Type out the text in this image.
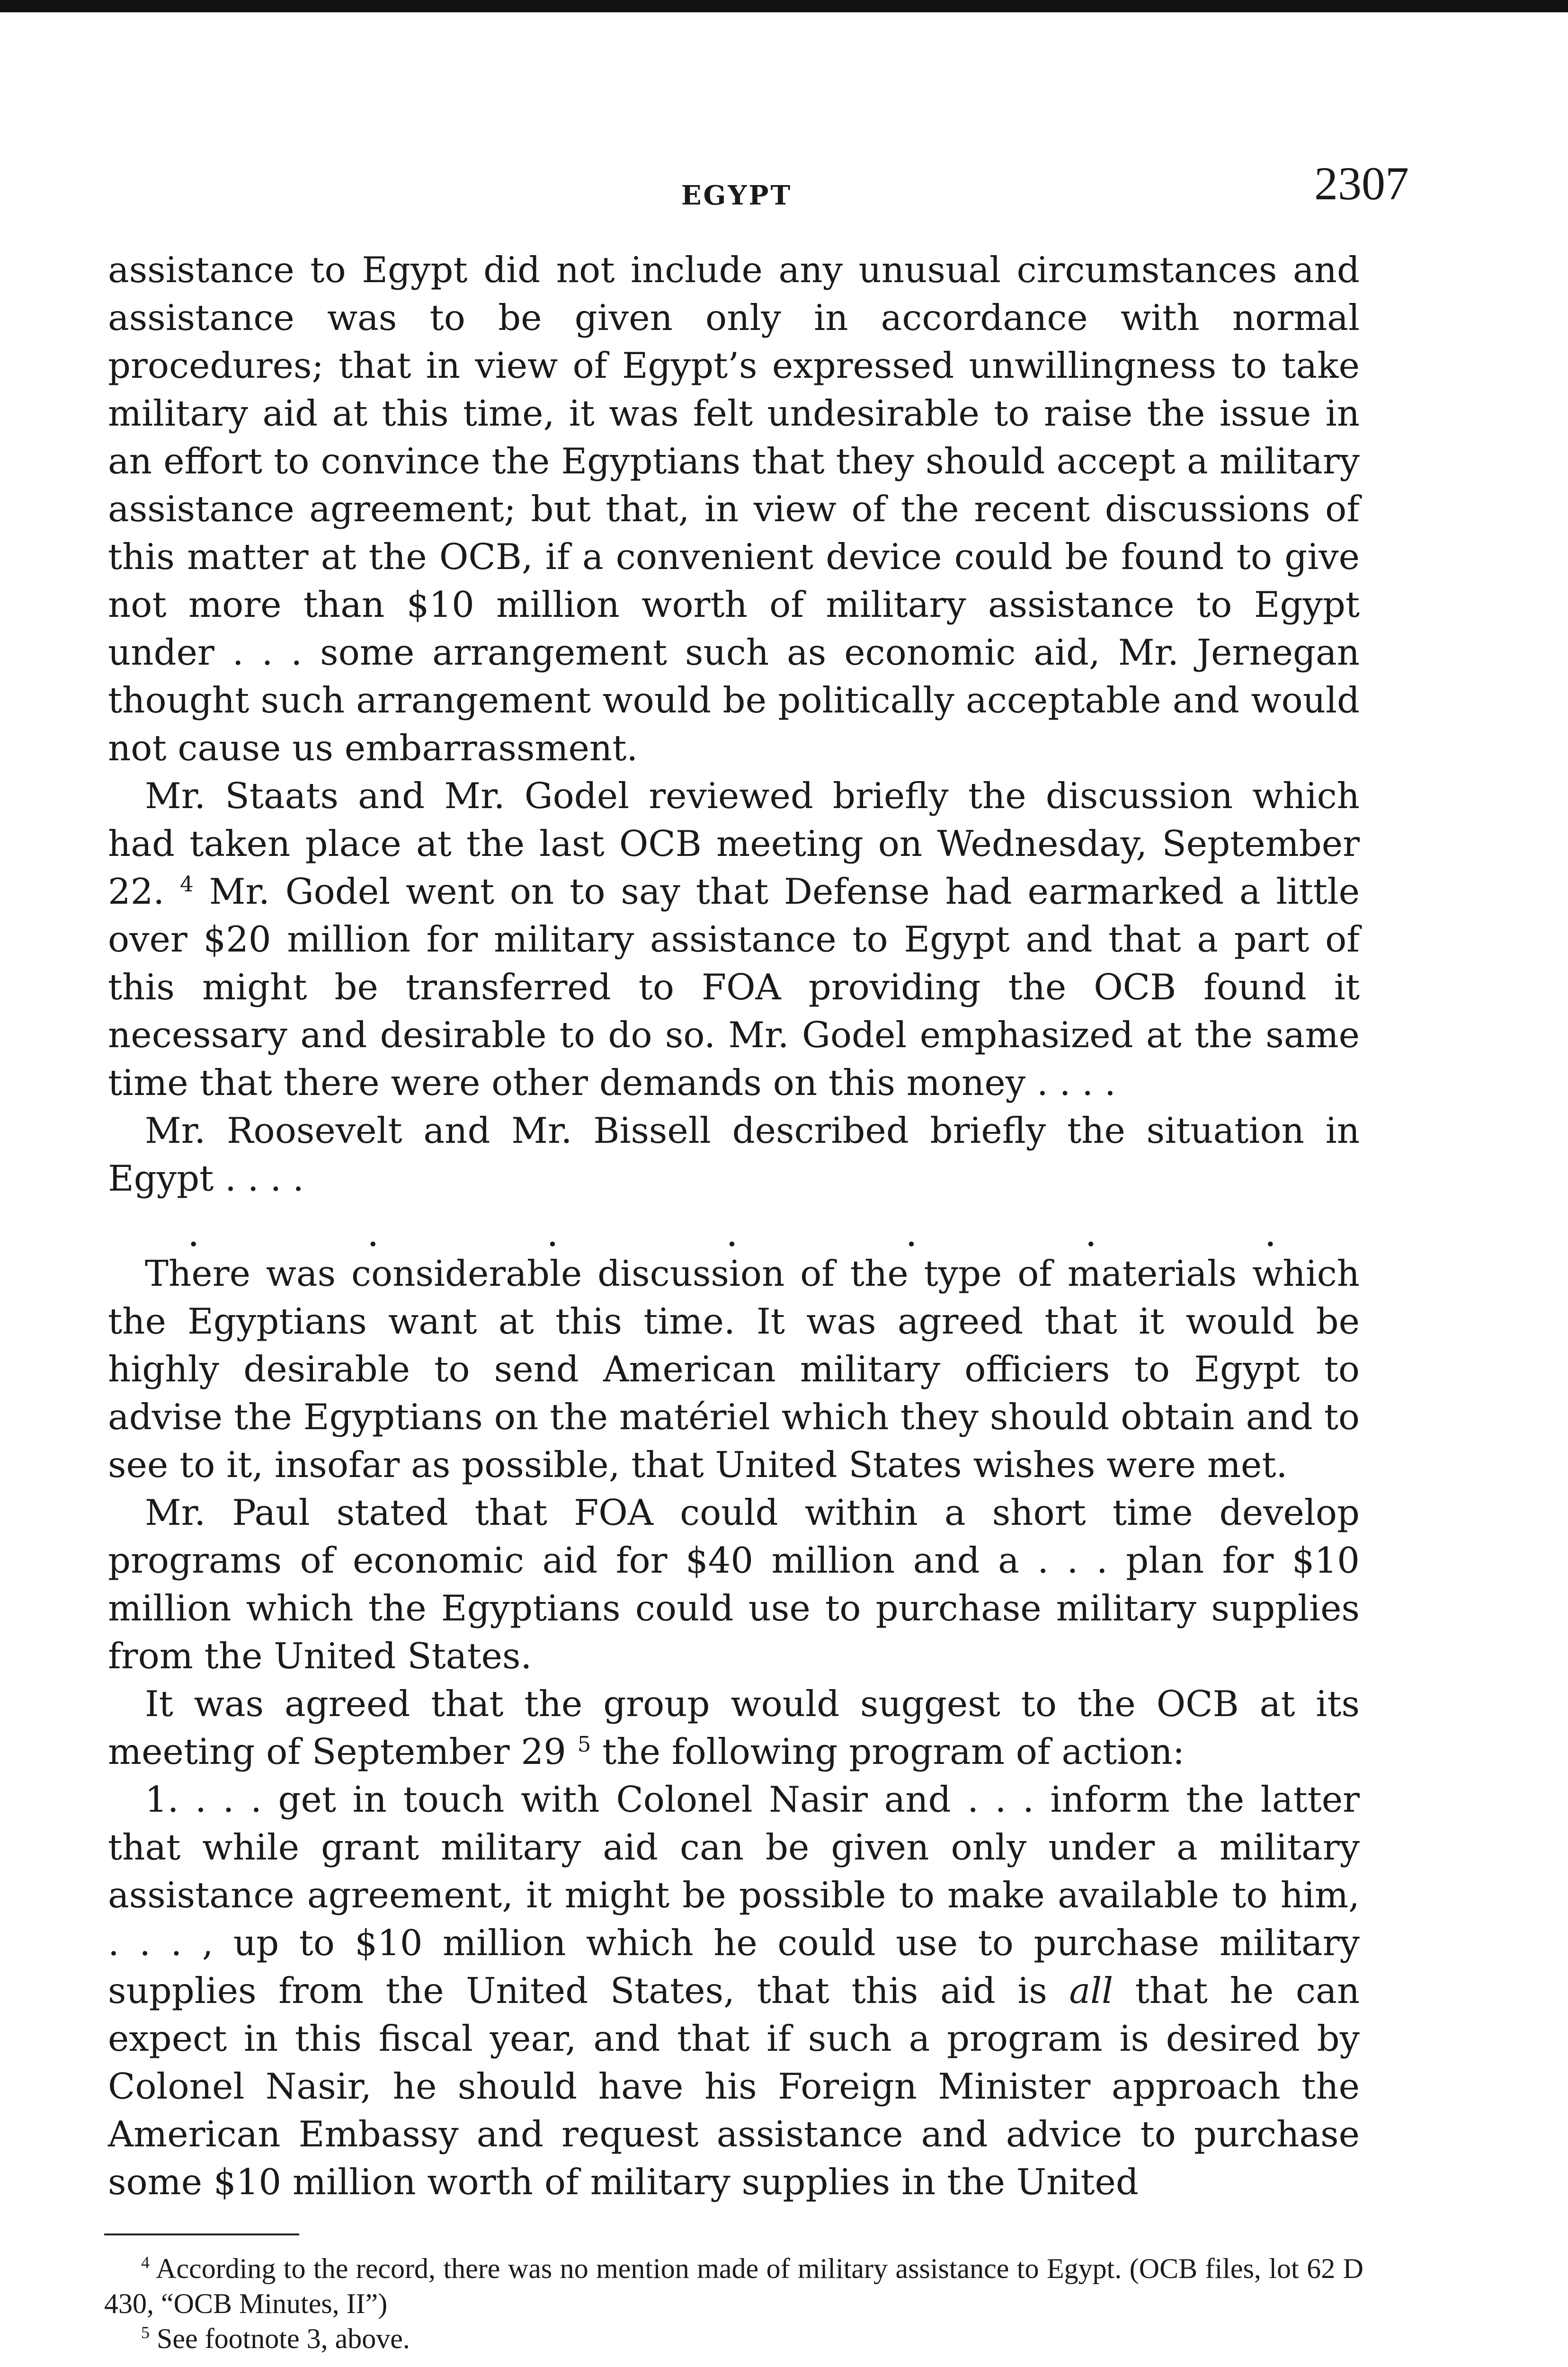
EGYPT	2307

assistance to Egypt did not include any unusual circumstances and assistance was to be given only in accordance with normal procedures; that in view of Egypt’s expressed unwillingness to take military aid at this time, it was felt undesirable to raise the issue in an effort to convince the Egyptians that they should accept a military assistance agreement; but that, in view of the recent discussions of this matter at the OCB, if a convenient device could be found to give not more than $10 million worth of military assistance to Egypt under . . . some arrangement such as economic aid, Mr. Jernegan thought such arrangement would be politically acceptable and would not cause us embarrassment.

Mr. Staats and Mr. Godel reviewed briefly the discussion which had taken place at the last OCB meeting on Wednesday, September 22. $^4$ Mr. Godel went on to say that Defense had earmarked a little over $20 million for military assistance to Egypt and that a part of this might be transferred to FOA providing the OCB found it necessary and desirable to do so. Mr. Godel emphasized at the same time that there were other demands on this money . . . .

Mr. Roosevelt and Mr. Bissell described briefly the situation in Egypt . . . .

.	.	.	.	.	.	.

There was considerable discussion of the type of materials which the Egyptians want at this time. It was agreed that it would be highly desirable to send American military officiers to Egypt to advise the Egyptians on the matériel which they should obtain and to see to it, insofar as possible, that United States wishes were met.

Mr. Paul stated that FOA could within a short time develop programs of economic aid for $40 million and a . . . plan for $10 million which the Egyptians could use to purchase military supplies from the United States.

It was agreed that the group would suggest to the OCB at its meeting of September 29 $^5$ the following program of action:

1. . . . get in touch with Colonel Nasir and . . . inform the latter that while grant military aid can be given only under a military assistance agreement, it might be possible to make available to him, . . . , up to $10 million which he could use to purchase military supplies from the United States, that this aid is all that he can expect in this fiscal year, and that if such a program is desired by Colonel Nasir, he should have his Foreign Minister approach the American Embassy and request assistance and advice to purchase some $10 million worth of military supplies in the United

$^4$ According to the record, there was no mention made of military assistance to Egypt. (OCB files, lot 62 D 430, “OCB Minutes, II”)

$^5$ See footnote 3, above.
